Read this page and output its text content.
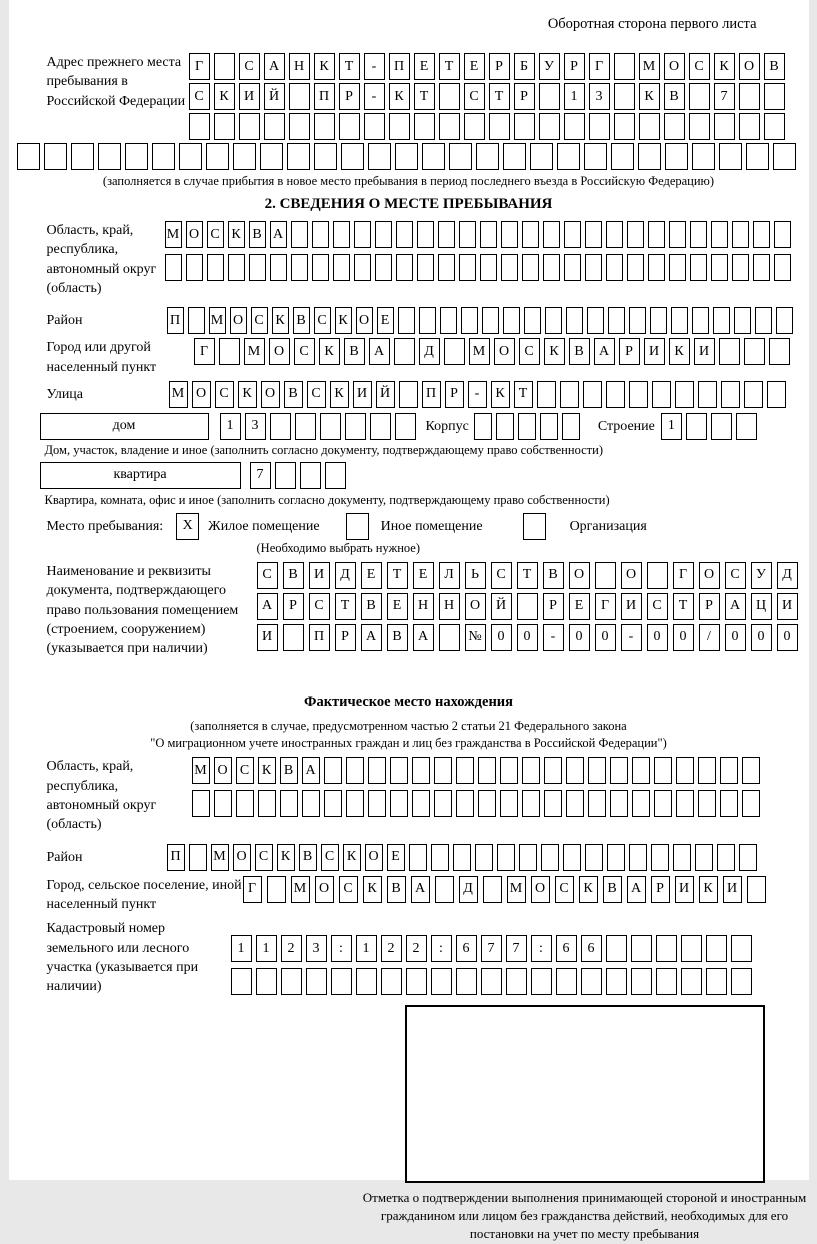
Оборотная сторона первого листа
Адрес прежнего места пребывания в Российской Федерации
Г	С	А	Н	К	Т	-	П	Е	Т	Е	Р	Б	У	Р	Г	М О	С	К	О	В
С	К	И	Й	П	Р	-	К	Т	С	Т	Р	1	3	К	В	7
(заполняется в случае прибытия в новое место пребывания в период последнего въезда в Российскую Федерацию)
2. СВЕДЕНИЯ О МЕСТЕ ПРЕБЫВАНИЯ
Область, край, республика, автономный округ (область)
М О С К В А
Район	П М О С К В С К О Е
Город или другой населенный пункт
Г	М О	С	К	В	А	Д	М О	С	К	В	А	Р	И	К	И
Улица	М О С К О В С К И Й	П	Р	-	К	Т
дом	1	3	Корпус	Строение 1
Дом, участок, владение и иное (заполнить согласно документу, подтверждающему право собственности)
квартира	7
Квартира, комната, офис и иное (заполнить согласно документу, подтверждающему право собственности)
Место пребывания:	X	Жилое помещение	Иное помещение	Организация
(Необходимо выбрать нужное)
Наименование и реквизиты документа, подтверждающего право пользования помещением (строением, сооружением) (указывается при наличии)
С	В	И	Д	Е	Т	Е	Л	Ь	С	Т	В	О	О	Г	О	С	У	Д
А	Р	С	Т	В	Е	Н	Н	О	Й	Р	Е	Г	И	С	Т	Р	А	Ц	И
И	П	Р	А	В	А	№	0	0	-	0	0	-	0	0	/	0	0	0
Фактическое место нахождения
(заполняется в случае, предусмотренном частью 2 статьи 21 Федерального закона
"О миграционном учете иностранных граждан и лиц без гражданства в Российской Федерации")
Область, край, республика, автономный округ (область)
М О С К В А
Район	П М О С К В С К О Е
Город, сельское поселение, иной населенный пункт
Г	М О	С	К	В	А	Д	М О	С	К	В	А	Р	И	К	И
Кадастровый номер земельного или лесного участка (указывается при наличии)
1	1	2	3	:	1	2	2	:	6	7	7	:	6	6
Отметка о подтверждении выполнения принимающей стороной и иностранным гражданином или лицом без гражданства действий, необходимых для его постановки на учет по месту пребывания
